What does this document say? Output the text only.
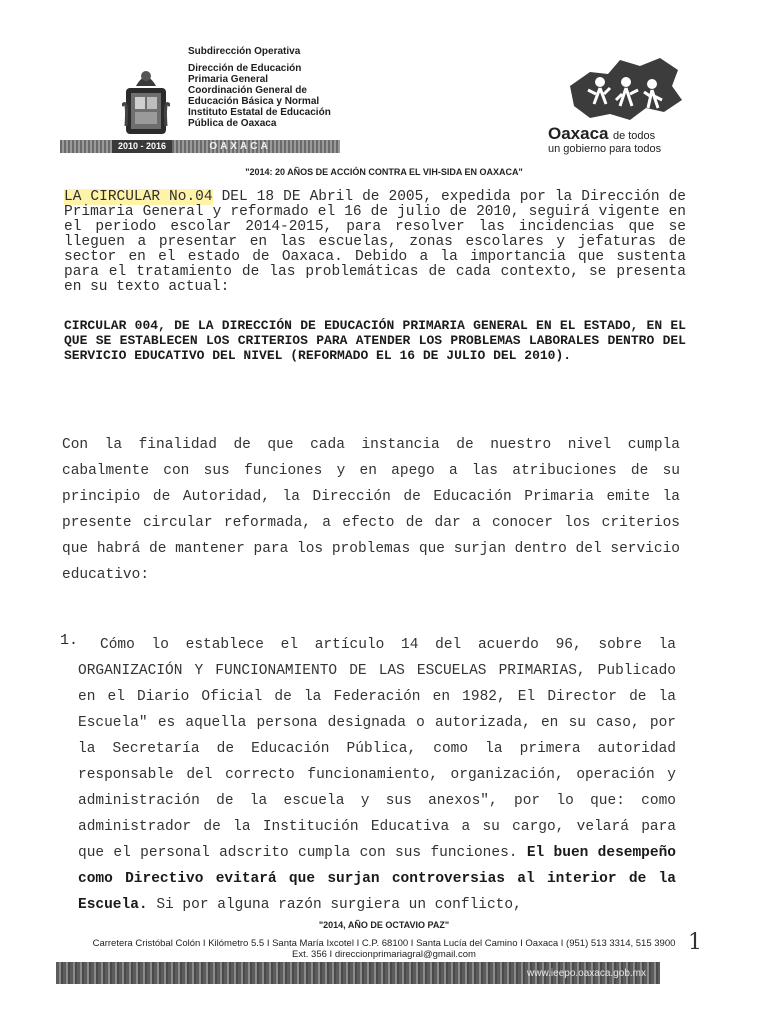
2010 - 2016	OAXACA
Subdirección Operativa
Dirección de Educación
Primaria General
Coordinación General de
Educación Básica y Normal
Instituto Estatal de Educación
Pública de Oaxaca
Oaxaca de todos
un gobierno para todos
"2014: 20 AÑOS DE ACCIÓN CONTRA EL VIH-SIDA EN OAXACA"
LA CIRCULAR No.04 DEL 18 DE Abril de 2005, expedida por la Dirección de Primaria General y reformado el 16 de julio de 2010, seguirá vigente en el periodo escolar 2014-2015, para resolver las incidencias que se lleguen a presentar en las escuelas, zonas escolares y jefaturas de sector en el estado de Oaxaca. Debido a la importancia que sustenta para el tratamiento de las problemáticas de cada contexto, se presenta en su texto actual:
CIRCULAR 004, DE LA DIRECCIÓN DE EDUCACIÓN PRIMARIA GENERAL EN EL ESTADO, EN EL QUE SE ESTABLECEN LOS CRITERIOS PARA ATENDER LOS PROBLEMAS LABORALES DENTRO DEL SERVICIO EDUCATIVO DEL NIVEL (REFORMADO EL 16 DE JULIO DEL 2010).
Con la finalidad de que cada instancia de nuestro nivel cumpla cabalmente con sus funciones y en apego a las atribuciones de su principio de Autoridad, la Dirección de Educación Primaria emite la presente circular reformada, a efecto de dar a conocer los criterios que habrá de mantener para los problemas que surjan dentro del servicio educativo:
1.	Cómo lo establece el artículo 14 del acuerdo 96, sobre la ORGANIZACIÓN Y FUNCIONAMIENTO DE LAS ESCUELAS PRIMARIAS, Publicado en el Diario Oficial de la Federación en 1982, El Director de la Escuela" es aquella persona designada o autorizada, en su caso, por la Secretaría de Educación Pública, como la primera autoridad responsable del correcto funcionamiento, organización, operación y administración de la escuela y sus anexos", por lo que: como administrador de la Institución Educativa a su cargo, velará para que el personal adscrito cumpla con sus funciones. El buen desempeño como Directivo evitará que surjan controversias al interior de la Escuela. Si por alguna razón surgiera un conflicto,
"2014, AÑO DE OCTAVIO PAZ"
Carretera Cristóbal Colón I Kilómetro 5.5 I Santa María Ixcotel I C.P. 68100 I Santa Lucía del Camino I Oaxaca I (951) 513 3314, 515 3900
Ext. 356 I direccionprimariagral@gmail.com
www.ieepo.oaxaca.gob.mx
1
